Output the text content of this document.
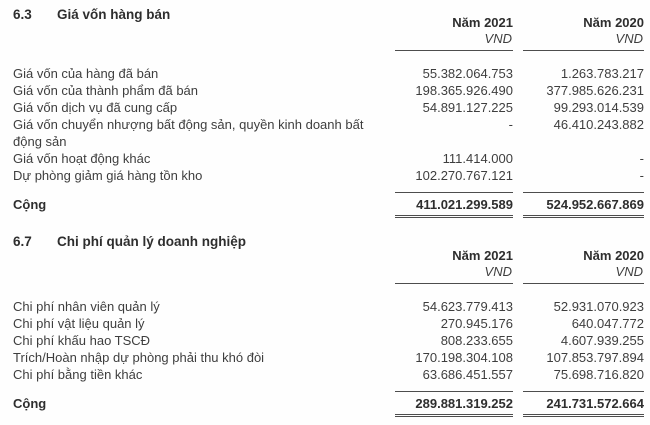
6.3	Giá vốn hàng bán
Năm 2021
VND
Năm 2020
VND
Giá vốn của hàng đã bán	55.382.064.753	1.263.783.217
Giá vốn của thành phẩm đã bán	198.365.926.490	377.985.626.231
Giá vốn dịch vụ đã cung cấp	54.891.127.225	99.293.014.539
Giá vốn chuyển nhượng bất động sản, quyền kinh doanh bất động sản
-	46.410.243.882
Giá vốn hoạt động khác	111.414.000	-
Dự phòng giảm giá hàng tồn kho	102.270.767.121	-
Cộng	411.021.299.589	524.952.667.869
6.7	Chi phí quản lý doanh nghiệp
Năm 2021
VND
Năm 2020
VND
Chi phí nhân viên quản lý	54.623.779.413	52.931.070.923
Chi phí vật liệu quản lý	270.945.176	640.047.772
Chi phí khấu hao TSCĐ	808.233.655	4.607.939.255
Trích/Hoàn nhập dự phòng phải thu khó đòi	170.198.304.108	107.853.797.894
Chi phí bằng tiền khác	63.686.451.557	75.698.716.820
Cộng	289.881.319.252	241.731.572.664
